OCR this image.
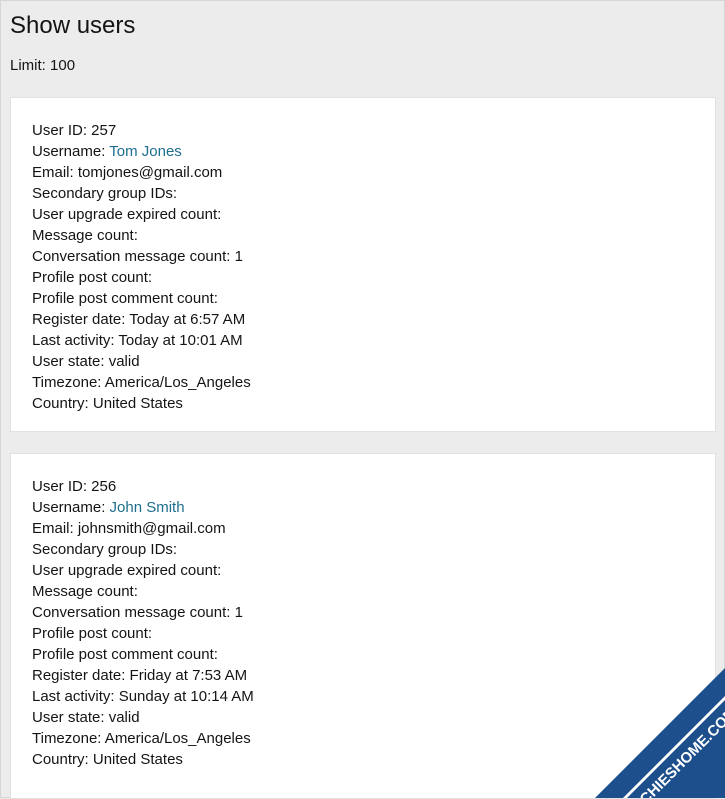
Show users
Limit: 100
User ID: 257
Username: Tom Jones
Email: tomjones@gmail.com
Secondary group IDs:
User upgrade expired count:
Message count:
Conversation message count: 1
Profile post count:
Profile post comment count:
Register date: Today at 6:57 AM
Last activity: Today at 10:01 AM
User state: valid
Timezone: America/Los_Angeles
Country: United States
User ID: 256
Username: John Smith
Email: johnsmith@gmail.com
Secondary group IDs:
User upgrade expired count:
Message count:
Conversation message count: 1
Profile post count:
Profile post comment count:
Register date: Friday at 7:53 AM
Last activity: Sunday at 10:14 AM
User state: valid
Timezone: America/Los_Angeles
Country: United States
